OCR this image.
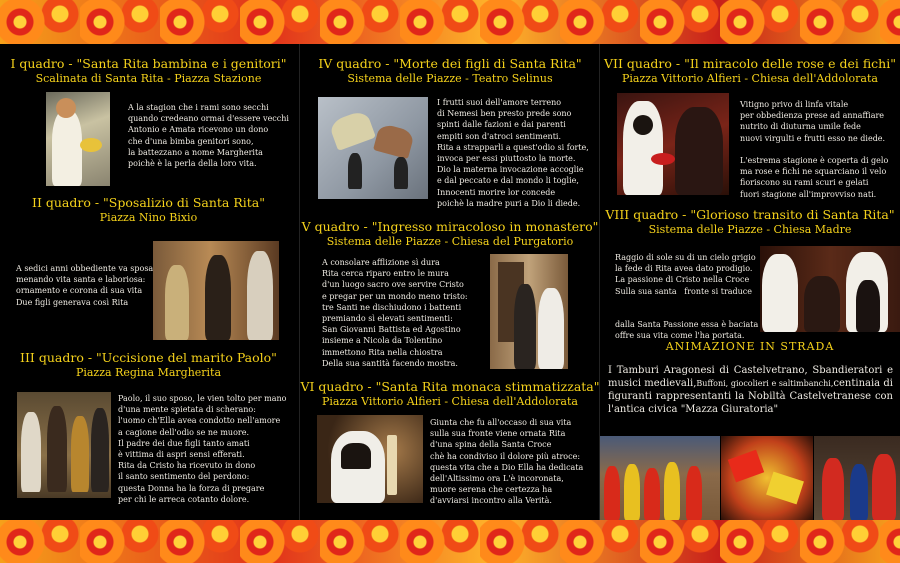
I quadro - "Santa Rita bambina e i genitori"
Scalinata di Santa Rita - Piazza Stazione
A la stagion che i rami sono secchi
quando credeano ormai d'essere vecchi
Antonio e Amata ricevono un dono
che d'una bimba genitori sono,
la battezzano a nome Margherita
poichè è la perla della loro vita.
II quadro - "Sposalizio di Santa Rita"
Piazza Nino Bixio
A sedici anni obbediente va sposa
menando vita santa e laboriosa:
ornamento e corona di sua vita
Due figli generava così Rita
III quadro - "Uccisione del marito Paolo"
Piazza Regina Margherita
Paolo, il suo sposo, le vien tolto per mano
d'una mente spietata di scherano:
l'uomo ch'Ella avea condotto nell'amore
a cagione dell'odio se ne muore.
Il padre dei due figli tanto amati
è vittima di aspri sensi efferati.
Rita da Cristo ha ricevuto in dono
il santo sentimento del perdono:
questa Donna ha la forza di pregare
per chi le arreca cotanto dolore.
IV quadro - "Morte dei figli di Santa Rita"
Sistema delle Piazze - Teatro Selinus
I frutti suoi dell'amore terreno
di Nemesi ben presto prede sono
spinti dalle fazioni e dai parenti
empiti son d'atroci sentimenti.
Rita a strapparli a quest'odio si forte,
invoca per essi piuttosto la morte.
Dio la materna invocazione accoglie
e dal peccato e dal mondo li toglie,
Innocenti morire lor concede
poichè la madre puri a Dio li diede.
V quadro - "Ingresso miracoloso in monastero"
Sistema delle Piazze - Chiesa del Purgatorio
A consolare afflizione sì dura
Rita cerca riparo entro le mura
d'un luogo sacro ove servire Cristo
e pregar per un mondo meno tristo:
tre Santi ne dischiudono i battenti
premiando sì elevati sentimenti:
San Giovanni Battista ed Agostino
insieme a Nicola da Tolentino
immettono Rita nella chiostra
Della sua santità facendo mostra.
VI quadro - "Santa Rita monaca stimmatizzata"
Piazza Vittorio Alfieri - Chiesa dell'Addolorata
Giunta che fu all'occaso di sua vita
sulla sua fronte viene ornata Rita
d'una spina della Santa Croce
chè ha condiviso il dolore più atroce:
questa vita che a Dio Ella ha dedicata
dell'Altissimo ora L'è incoronata,
muore serena che certezza ha
d'avviarsi incontro alla Verità.
VII quadro - "Il miracolo delle rose e dei fichi"
Piazza Vittorio Alfieri - Chiesa dell'Addolorata
Vitigno privo di linfa vitale
per obbedienza prese ad annaffiare
nutrito di diuturna umile fede
nuovi virgulti e frutti esso ne diede.

L'estrema stagione è coperta di gelo
ma rose e fichi ne squarciano il velo
fioriscono su rami scuri e gelati
fuori stagione all'improvviso nati.
VIII quadro - "Glorioso transito di Santa Rita"
Sistema delle Piazze - Chiesa Madre
Raggio di sole su di un cielo grigio
la fede di Rita avea dato prodigio.
La passione di Cristo nella Croce
Sulla sua santa   fronte si traduce

dalla Santa Passione essa è baciata
offre sua vita come l'ha portata.
ANIMAZIONE IN STRADA
I Tamburi Aragonesi di Castelvetrano, Sbandieratori e musici medievali,Buffoni, giocolieri e saltimbanchi,centinaia di figuranti rappresentanti la Nobiltà Castelvetranese con l'antica civica "Mazza Giuratoria"
